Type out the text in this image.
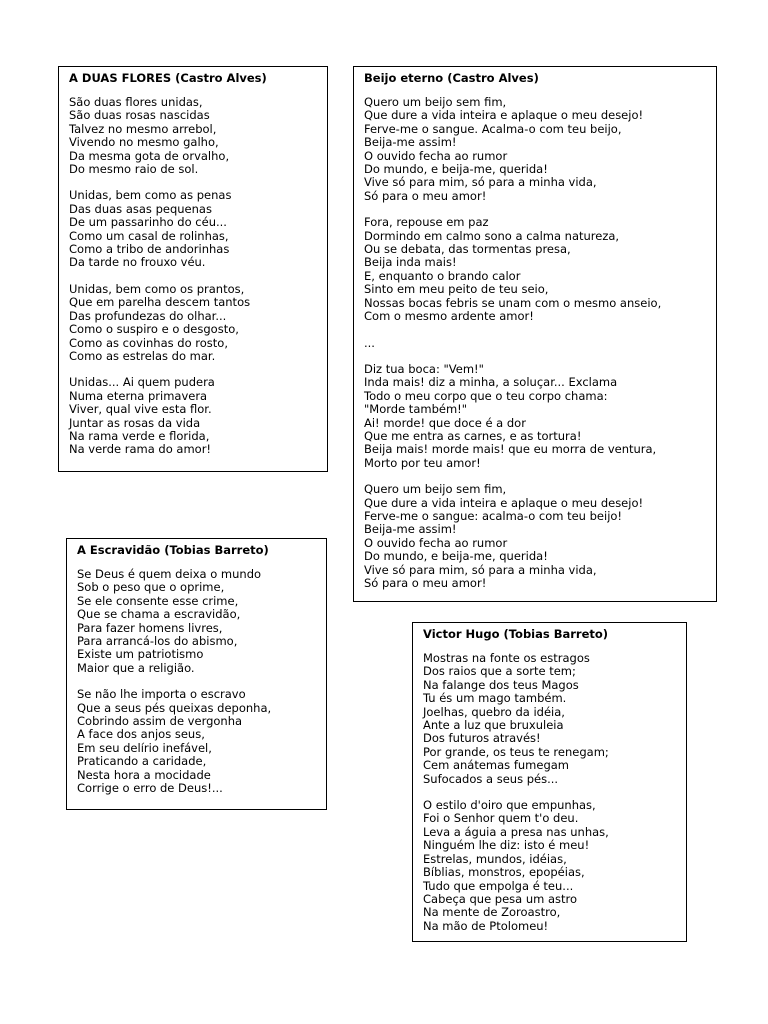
A DUAS FLORES (Castro Alves)
São duas flores unidas,
São duas rosas nascidas
Talvez no mesmo arrebol,
Vivendo no mesmo galho,
Da mesma gota de orvalho,
Do mesmo raio de sol.
Unidas, bem como as penas
Das duas asas pequenas
De um passarinho do céu...
Como um casal de rolinhas,
Como a tribo de andorinhas
Da tarde no frouxo véu.
Unidas, bem como os prantos,
Que em parelha descem tantos
Das profundezas do olhar...
Como o suspiro e o desgosto,
Como as covinhas do rosto,
Como as estrelas do mar.
Unidas... Ai quem pudera
Numa eterna primavera
Viver, qual vive esta flor.
Juntar as rosas da vida
Na rama verde e florida,
Na verde rama do amor!
Beijo eterno (Castro Alves)
Quero um beijo sem fim,
Que dure a vida inteira e aplaque o meu desejo!
Ferve-me o sangue. Acalma-o com teu beijo,
Beija-me assim!
O ouvido fecha ao rumor
Do mundo, e beija-me, querida!
Vive só para mim, só para a minha vida,
Só para o meu amor!
Fora, repouse em paz
Dormindo em calmo sono a calma natureza,
Ou se debata, das tormentas presa,
Beija inda mais!
E, enquanto o brando calor
Sinto em meu peito de teu seio,
Nossas bocas febris se unam com o mesmo anseio,
Com o mesmo ardente amor!
...
Diz tua boca: "Vem!"
Inda mais! diz a minha, a soluçar... Exclama
Todo o meu corpo que o teu corpo chama:
"Morde também!"
Ai! morde! que doce é a dor
Que me entra as carnes, e as tortura!
Beija mais! morde mais! que eu morra de ventura,
Morto por teu amor!
Quero um beijo sem fim,
Que dure a vida inteira e aplaque o meu desejo!
Ferve-me o sangue: acalma-o com teu beijo!
Beija-me assim!
O ouvido fecha ao rumor
Do mundo, e beija-me, querida!
Vive só para mim, só para a minha vida,
Só para o meu amor!
A Escravidão (Tobias Barreto)
Se Deus é quem deixa o mundo
Sob o peso que o oprime,
Se ele consente esse crime,
Que se chama a escravidão,
Para fazer homens livres,
Para arrancá-los do abismo,
Existe um patriotismo
Maior que a religião.
Se não lhe importa o escravo
Que a seus pés queixas deponha,
Cobrindo assim de vergonha
A face dos anjos seus,
Em seu delírio inefável,
Praticando a caridade,
Nesta hora a mocidade
Corrige o erro de Deus!...
Victor Hugo (Tobias Barreto)
Mostras na fonte os estragos
Dos raios que a sorte tem;
Na falange dos teus Magos
Tu és um mago também.
Joelhas, quebro da idéia,
Ante a luz que bruxuleia
Dos futuros através!
Por grande, os teus te renegam;
Cem anátemas fumegam
Sufocados a seus pés...
O estilo d'oiro que empunhas,
Foi o Senhor quem t'o deu.
Leva a águia a presa nas unhas,
Ninguém lhe diz: isto é meu!
Estrelas, mundos, idéias,
Bíblias, monstros, epopéias,
Tudo que empolga é teu...
Cabeça que pesa um astro
Na mente de Zoroastro,
Na mão de Ptolomeu!
